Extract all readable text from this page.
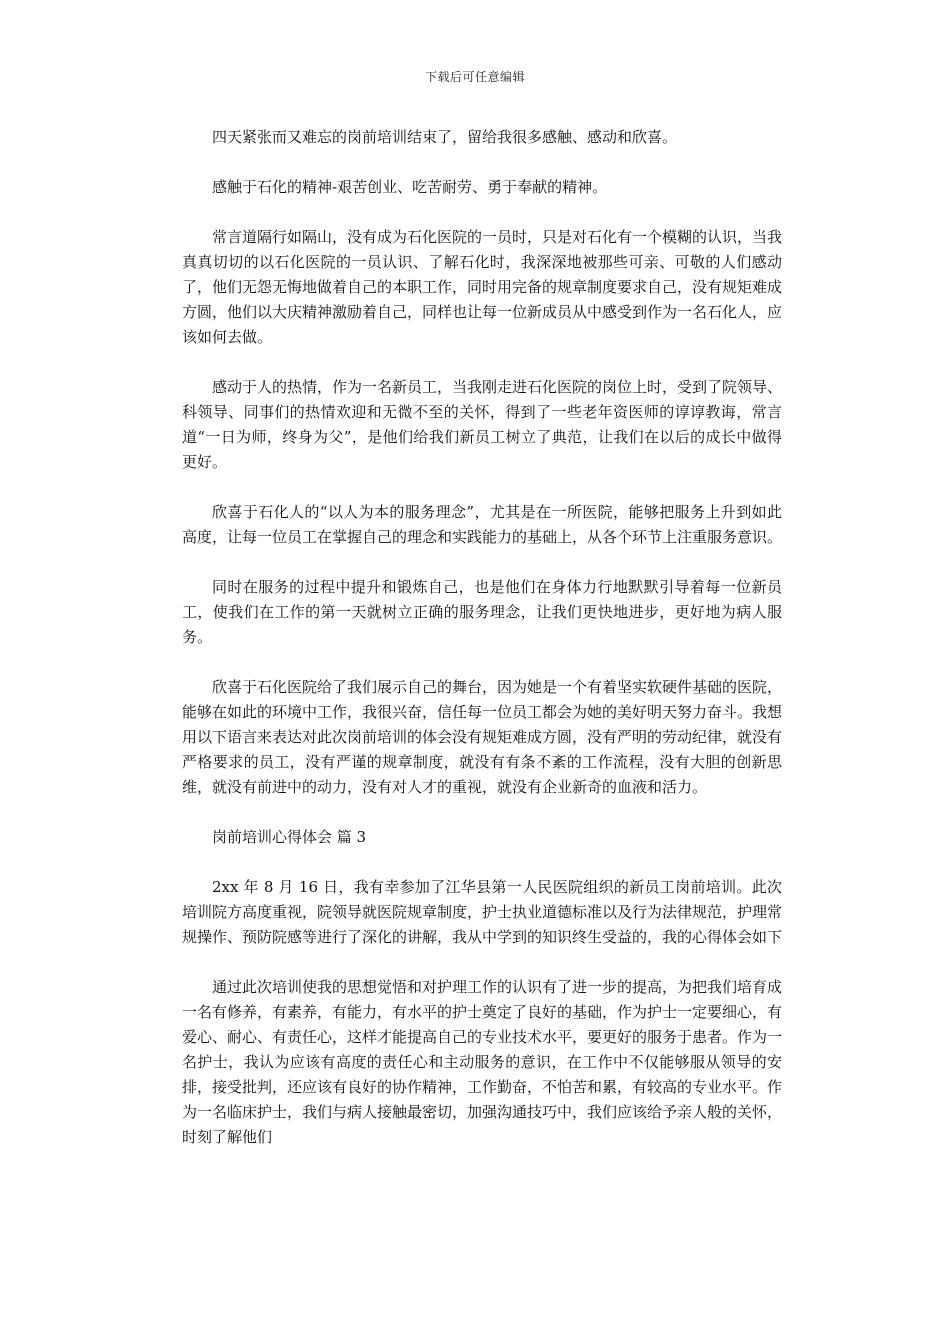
下载后可任意编辑

四天紧张而又难忘的岗前培训结束了，留给我很多感触、感动和欣喜。

感触于石化的精神-艰苦创业、吃苦耐劳、勇于奉献的精神。

常言道隔行如隔山，没有成为石化医院的一员时，只是对石化有一个模糊的认识，当我真真切切的以石化医院的一员认识、了解石化时，我深深地被那些可亲、可敬的人们感动了，他们无怨无悔地做着自己的本职工作，同时用完备的规章制度要求自己，没有规矩难成方圆，他们以大庆精神激励着自己，同样也让每一位新成员从中感受到作为一名石化人，应该如何去做。

感动于人的热情，作为一名新员工，当我刚走进石化医院的岗位上时，受到了院领导、科领导、同事们的热情欢迎和无微不至的关怀，得到了一些老年资医师的谆谆教诲，常言道“一日为师，终身为父”，是他们给我们新员工树立了典范，让我们在以后的成长中做得更好。

欣喜于石化人的“以人为本的服务理念”，尤其是在一所医院，能够把服务上升到如此高度，让每一位员工在掌握自己的理念和实践能力的基础上，从各个环节上注重服务意识。

同时在服务的过程中提升和锻炼自己，也是他们在身体力行地默默引导着每一位新员工，使我们在工作的第一天就树立正确的服务理念，让我们更快地进步，更好地为病人服务。

欣喜于石化医院给了我们展示自己的舞台，因为她是一个有着坚实软硬件基础的医院，能够在如此的环境中工作，我很兴奋，信任每一位员工都会为她的美好明天努力奋斗。我想用以下语言来表达对此次岗前培训的体会没有规矩难成方圆，没有严明的劳动纪律，就没有严格要求的员工，没有严谨的规章制度，就没有有条不紊的工作流程，没有大胆的创新思维，就没有前进中的动力，没有对人才的重视，就没有企业新奇的血液和活力。

岗前培训心得体会 篇 3

2xx 年 8 月 16 日，我有幸参加了江华县第一人民医院组织的新员工岗前培训。此次培训院方高度重视，院领导就医院规章制度，护士执业道德标准以及行为法律规范，护理常规操作、预防院感等进行了深化的讲解，我从中学到的知识终生受益的，我的心得体会如下

通过此次培训使我的思想觉悟和对护理工作的认识有了进一步的提高，为把我们培育成一名有修养，有素养，有能力，有水平的护士奠定了良好的基础，作为护士一定要细心，有爱心、耐心、有责任心，这样才能提高自己的专业技术水平，要更好的服务于患者。作为一名护士，我认为应该有高度的责任心和主动服务的意识，在工作中不仅能够服从领导的安排，接受批判，还应该有良好的协作精神，工作勤奋，不怕苦和累，有较高的专业水平。作为一名临床护士，我们与病人接触最密切，加强沟通技巧中，我们应该给予亲人般的关怀，时刻了解他们
